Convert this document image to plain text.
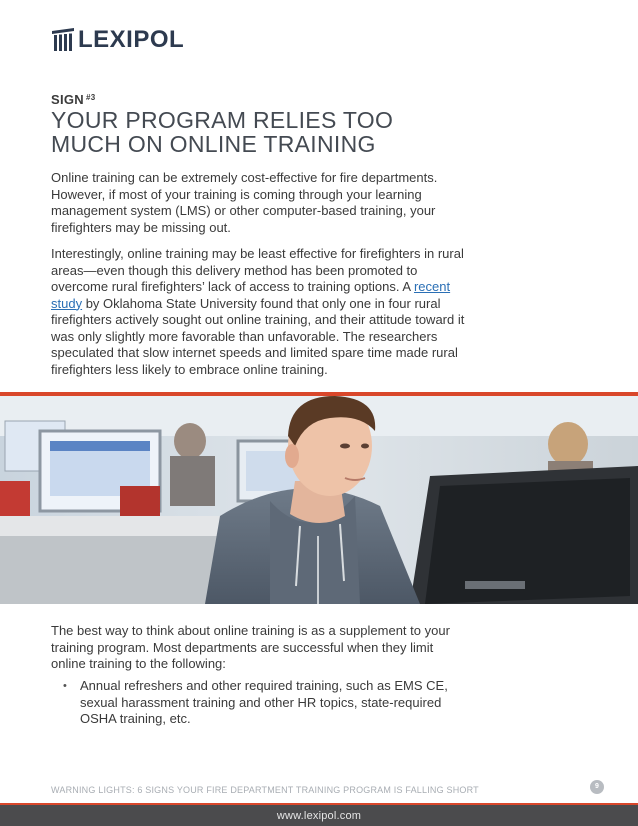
LEXIPOL
SIGN $^{\#3}$
YOUR PROGRAM RELIES TOO
MUCH ON ONLINE TRAINING

Online training can be extremely cost-effective for fire departments. However, if most of your training is coming through your learning management system (LMS) or other computer-based training, your firefighters may be missing out.

Interestingly, online training may be least effective for firefighters in rural areas—even though this delivery method has been promoted to overcome rural firefighters’ lack of access to training options. A recent study by Oklahoma State University found that only one in four rural firefighters actively sought out online training, and their attitude toward it was only slightly more favorable than unfavorable. The researchers speculated that slow internet speeds and limited spare time made rural firefighters less likely to embrace online training.

The best way to think about online training is as a supplement to your training program. Most departments are successful when they limit online training to the following:

• Annual refreshers and other required training, such as EMS CE, sexual harassment training and other HR topics, state-required OSHA training, etc.
WARNING LIGHTS: 6 SIGNS YOUR FIRE DEPARTMENT TRAINING PROGRAM IS FALLING SHORT	9
www.lexipol.com
